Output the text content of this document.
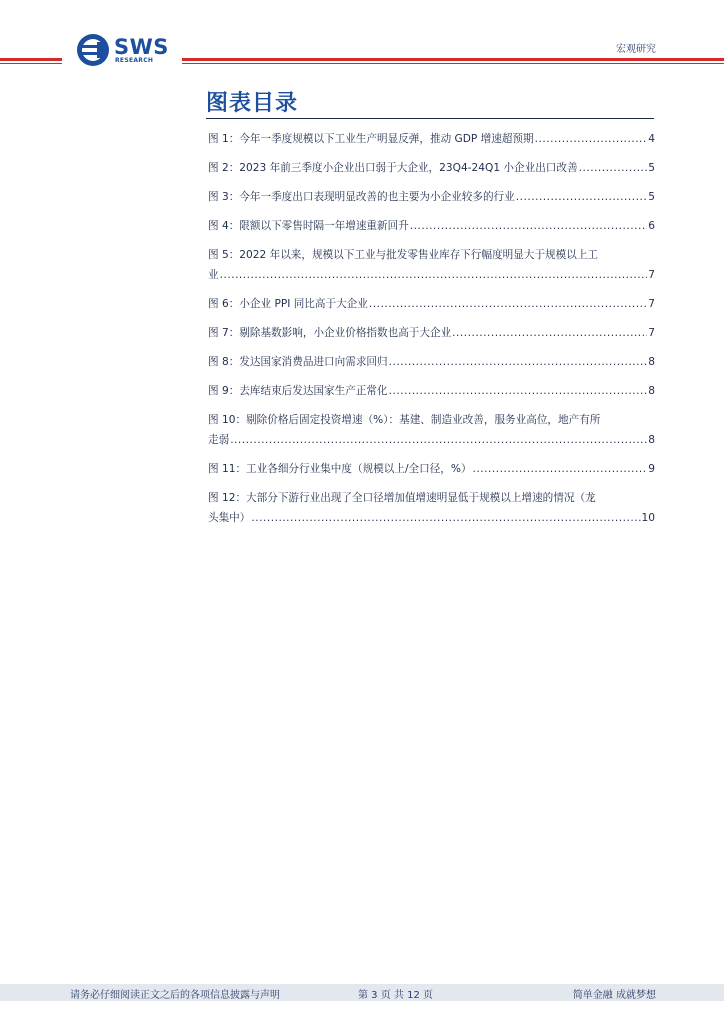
SWS
RESEARCH
宏观研究
图表目录
图 1：今年一季度规模以下工业生产明显反弹，推动 GDP 增速超预期 .....	4
图 2：2023 年前三季度小企业出口弱于大企业，23Q4-24Q1 小企业出口改善 .....	5
图 3：今年一季度出口表现明显改善的也主要为小企业较多的行业 .....	5
图 4：限额以下零售时隔一年增速重新回升 .....	6
图 5：2022 年以来，规模以下工业与批发零售业库存下行幅度明显大于规模以上工
业 .....	7
图 6：小企业 PPI 同比高于大企业 .....	7
图 7：剔除基数影响，小企业价格指数也高于大企业 .....	7
图 8：发达国家消费品进口向需求回归 .....	8
图 9：去库结束后发达国家生产正常化 .....	8
图 10：剔除价格后固定投资增速（%）：基建、制造业改善，服务业高位，地产有所
走弱 .....	8
图 11：工业各细分行业集中度（规模以上/全口径，%） .....	9
图 12：大部分下游行业出现了全口径增加值增速明显低于规模以上增速的情况（龙
头集中） .....	10
请务必仔细阅读正文之后的各项信息披露与声明	第 3 页 共 12 页	简单金融 成就梦想
